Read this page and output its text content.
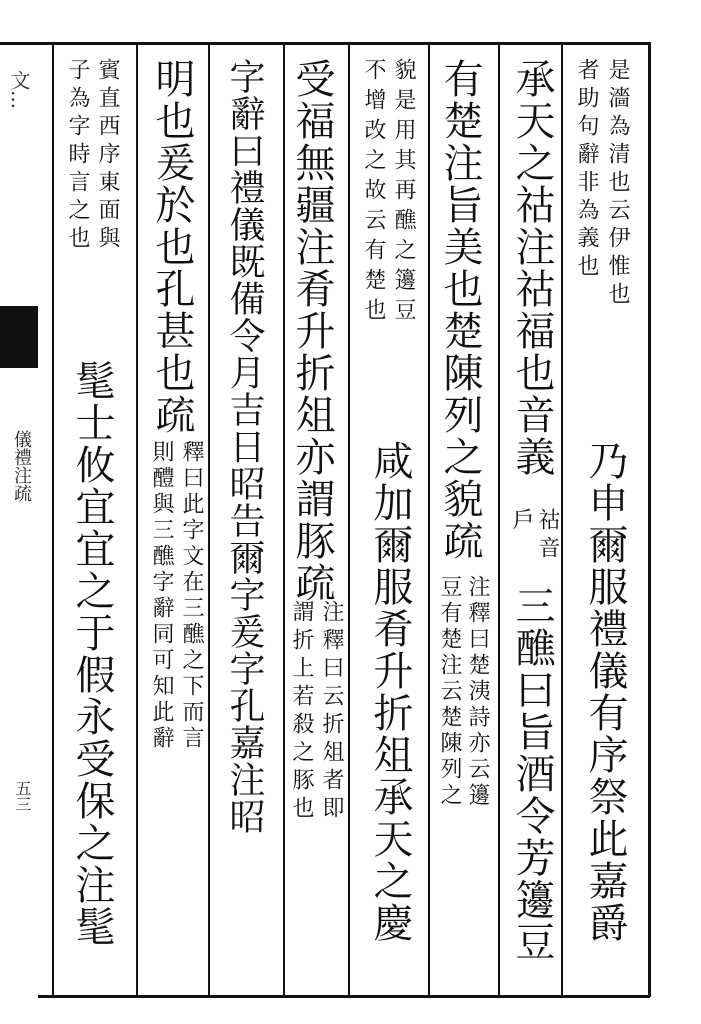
文...
儀禮注疏
五三
是濇為清也云伊惟也
者助句辭非為義也
乃申爾服禮儀有序祭此嘉爵
承天之祜注祜福也音義
祜音
戶
三醮曰旨酒令芳籩豆
有楚注旨美也楚陳列之貌疏
注釋曰楚洟詩亦云籩
豆有楚注云楚陳列之
貌是用其再醮之籩豆
不增改之故云有楚也
咸加爾服肴升折俎承天之慶
受福無疆注肴升折俎亦謂豚疏
注釋曰云折俎者即
謂折上若殺之豚也
字辭曰禮儀既備令月吉日昭告爾字爰字孔嘉注昭
明也爰於也孔甚也疏
釋曰此字文在三醮之下而言
則醴與三醮字辭同可知此辭
賓直西序東面與
子為字時言之也
髦士攸宜宜之于假永受保之注髦
